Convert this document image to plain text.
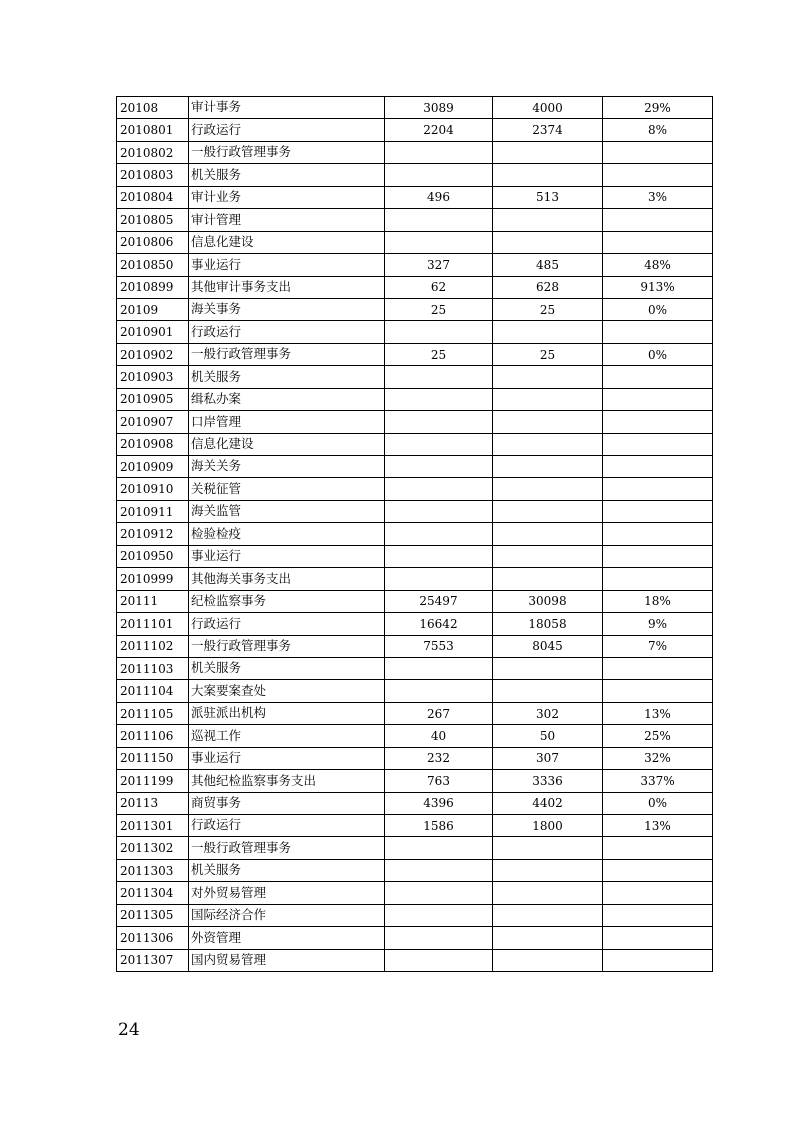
20108	审计事务	3089	4000	29%
2010801	行政运行	2204	2374	8%
2010802	一般行政管理事务			
2010803	机关服务			
2010804	审计业务	496	513	3%
2010805	审计管理			
2010806	信息化建设			
2010850	事业运行	327	485	48%
2010899	其他审计事务支出	62	628	913%
20109	海关事务	25	25	0%
2010901	行政运行			
2010902	一般行政管理事务	25	25	0%
2010903	机关服务			
2010905	缉私办案			
2010907	口岸管理			
2010908	信息化建设			
2010909	海关关务			
2010910	关税征管			
2010911	海关监管			
2010912	检验检疫			
2010950	事业运行			
2010999	其他海关事务支出			
20111	纪检监察事务	25497	30098	18%
2011101	行政运行	16642	18058	9%
2011102	一般行政管理事务	7553	8045	7%
2011103	机关服务			
2011104	大案要案查处			
2011105	派驻派出机构	267	302	13%
2011106	巡视工作	40	50	25%
2011150	事业运行	232	307	32%
2011199	其他纪检监察事务支出	763	3336	337%
20113	商贸事务	4396	4402	0%
2011301	行政运行	1586	1800	13%
2011302	一般行政管理事务			
2011303	机关服务			
2011304	对外贸易管理			
2011305	国际经济合作			
2011306	外资管理			
2011307	国内贸易管理			
24
